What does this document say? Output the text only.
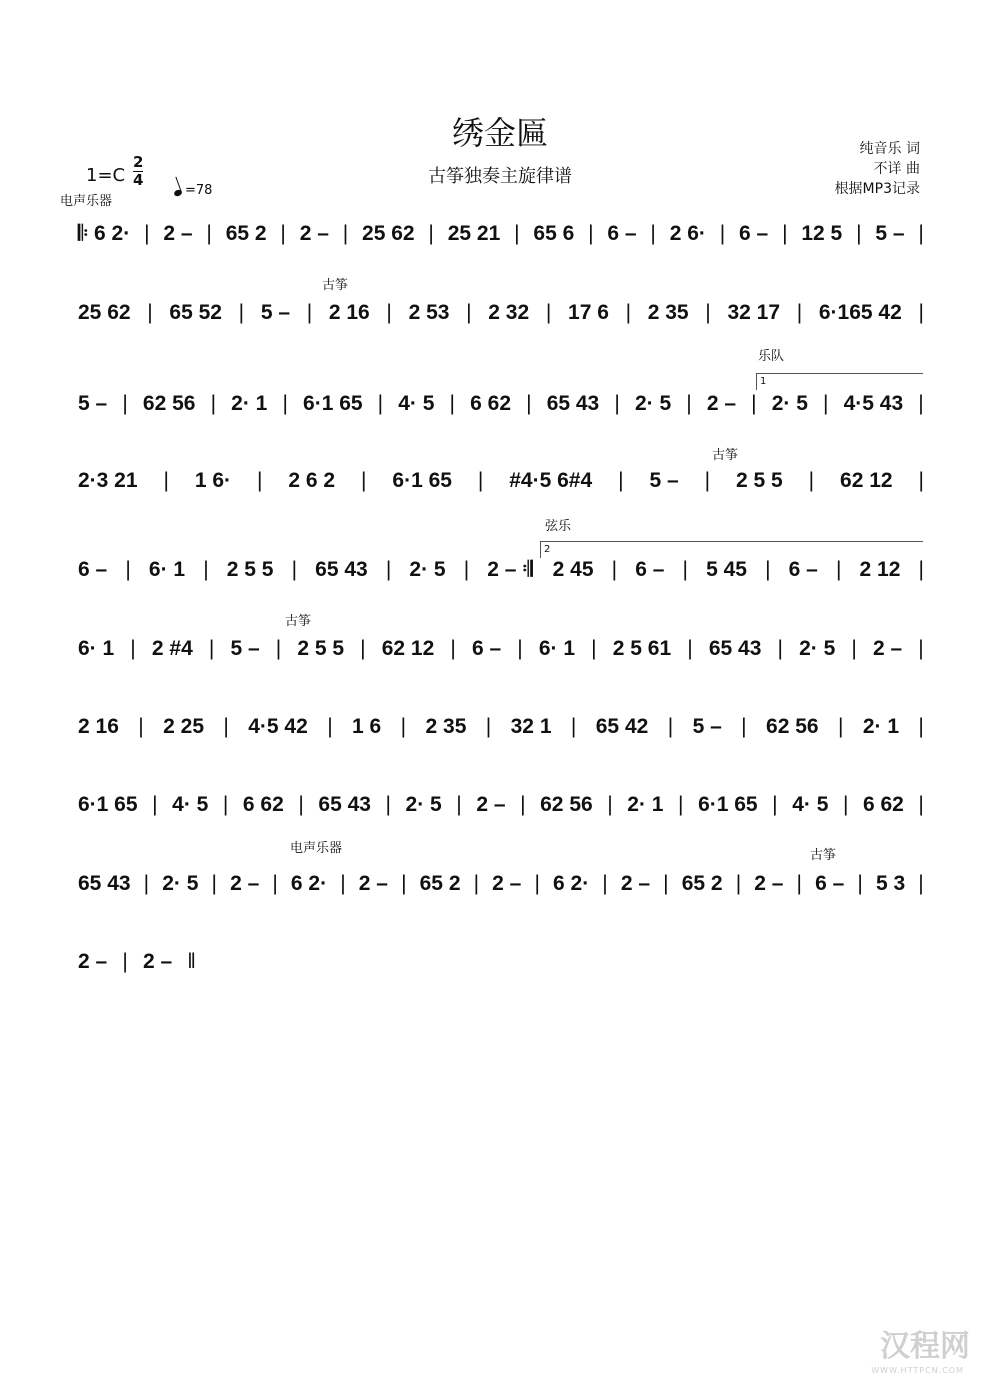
绣金匾
古筝独奏主旋律谱
纯音乐 词
不详 曲
根据MP3记录
1=C
2
4
=78
电声乐器
古筝
乐队
古筝
弦乐
古筝
电声乐器	古筝
1
2
𝄆 6 2· | 2 – | 65 2 | 2 – | 25 62 | 25 21 | 65 6 | 6 – | 2 6· | 6 – | 12 5 | 5 – |
25 62 | 65 52 | 5 – | 2 16 | 2 53 | 2 32 | 17 6 | 2 35 | 32 17 | 6·165 42 |
5 – | 62 56 | 2· 1 | 6·1 65 | 4· 5 | 6 62 | 65 43 | 2· 5 | 2 – | 2· 5 | 4·5 43 |
2·3 21 | 1 6· | 2 6 2 | 6·1 65 | #4·5 6#4 | 5 – | 2 5 5 | 62 12 |
6 – | 6· 1 | 2 5 5 | 65 43 | 2· 5 | 2 – 𝄇 2 45 | 6 – | 5 45 | 6 – | 2 12 |
6· 1 | 2 #4 | 5 – | 2 5 5 | 62 12 | 6 – | 6· 1 | 2 5 61 | 65 43 | 2· 5 | 2 – |
2 16 | 2 25 | 4·5 42 | 1 6 | 2 35 | 32 1 | 65 42 | 5 – | 62 56 | 2· 1 |
6·1 65 | 4· 5 | 6 62 | 65 43 | 2· 5 | 2 – | 62 56 | 2· 1 | 6·1 65 | 4· 5 | 6 62 |
65 43 | 2· 5 | 2 – | 6 2· | 2 – | 65 2 | 2 – | 6 2· | 2 – | 65 2 | 2 – | 6 – | 5 3 |
2 – | 2 – ‖
汉程网
WWW.HTTPCN.COM
